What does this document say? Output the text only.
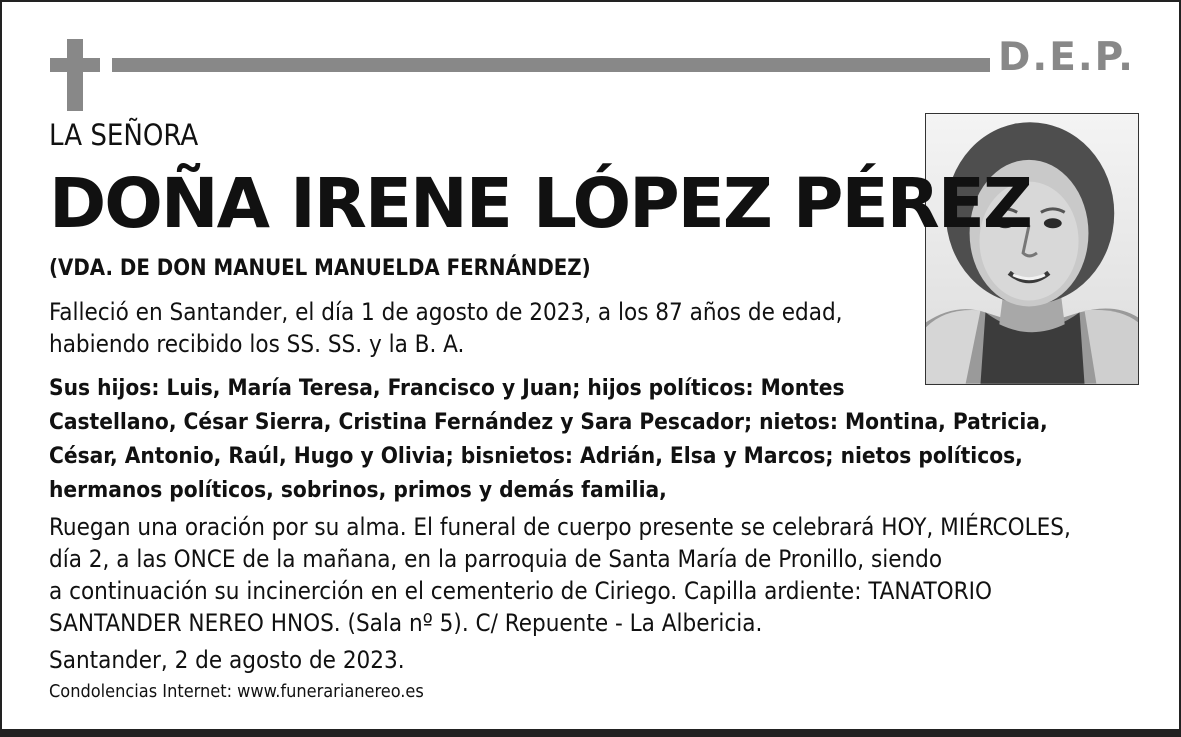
D.E.P.
LA SEÑORA
DOÑA IRENE LÓPEZ PÉREZ
(VDA. DE DON MANUEL MANUELDA FERNÁNDEZ)
Falleció en Santander, el día 1 de agosto de 2023, a los 87 años de edad,
habiendo recibido los SS. SS. y la B. A.
Sus hijos: Luis, María Teresa, Francisco y Juan; hijos políticos: Montes
Castellano, César Sierra, Cristina Fernández y Sara Pescador; nietos: Montina, Patricia,
César, Antonio, Raúl, Hugo y Olivia; bisnietos: Adrián, Elsa y Marcos; nietos políticos,
hermanos políticos, sobrinos, primos y demás familia,
Ruegan una oración por su alma. El funeral de cuerpo presente se celebrará HOY, MIÉRCOLES,
día 2, a las ONCE de la mañana, en la parroquia de Santa María de Pronillo, siendo
a continuación su incinerción en el cementerio de Ciriego. Capilla ardiente: TANATORIO
SANTANDER NEREO HNOS. (Sala nº 5). C/ Repuente - La Albericia.
Santander, 2 de agosto de 2023.
Condolencias Internet: www.funerarianereo.es
